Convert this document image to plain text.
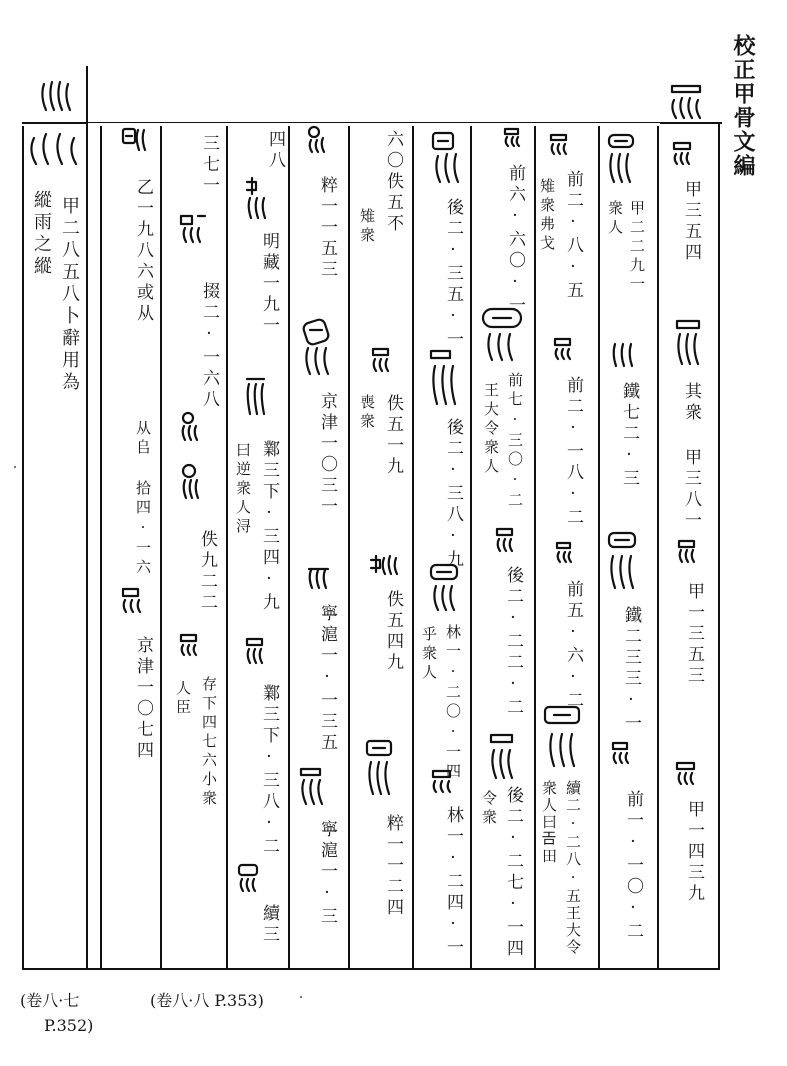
校正甲骨文編
甲三五四
其衆 甲三八一
甲一三五三
甲一四三九
甲二二九一
衆人
鐵七二·三
鐵二三三·一
前一·一〇·二
前二·八·五
雉衆弗戈
前二·一八·二
前五·六·二
續二·二八·五王大令
衆人曰𢀛田
前六·六〇·一
前七·三〇·二
王大令衆人
後二·二二·二
後二·二七·一四
令衆
後二·三五·一
後二·三八·九
林一·二〇·一四
乎衆人
林一·二四·一
六〇佚五不
雉衆
佚五一九
喪衆
佚五四九
粹一一二四
粹一一五三
京津一〇三一
寧滬一·一三五
寧滬一·三
四八
明藏一九一
鄴三下·三四·九
曰逆衆人浔
鄴三下·三八·二
續三
三七一
掇二·一六八
佚九二二
存下四七六小衆
人臣
乙一九八六或从
从𠂤 拾四·一六
京津一〇七四
甲二八五八卜辭用為
縱雨之縱
(卷八·七
P.352)
(卷八·八 P.353)
